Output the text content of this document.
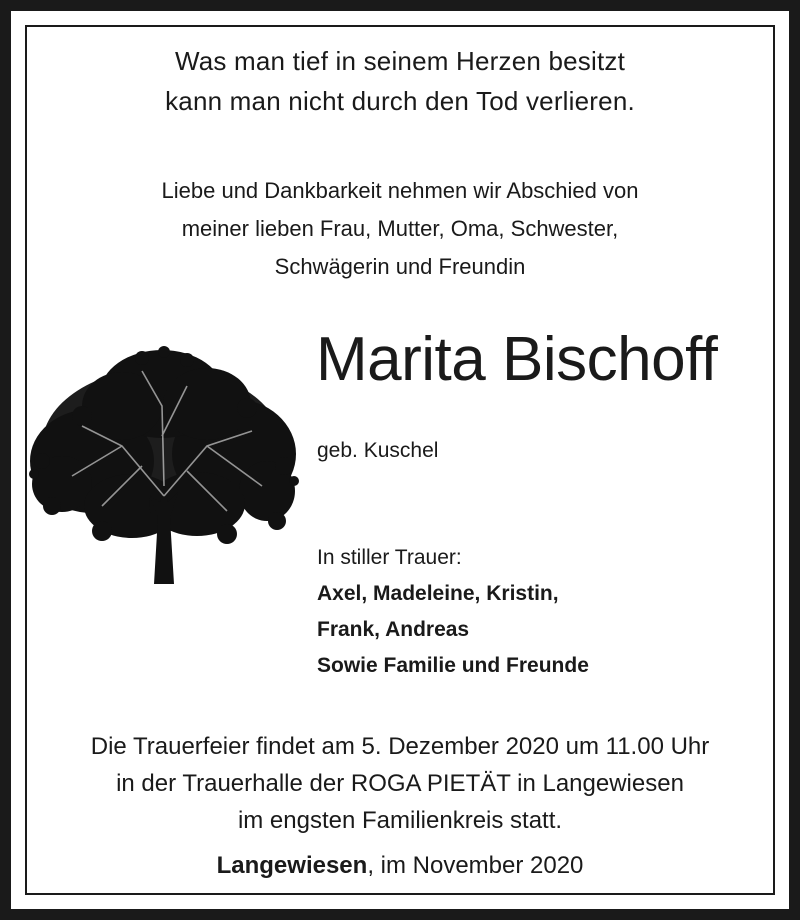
Was man tief in seinem Herzen besitzt
kann man nicht durch den Tod verlieren.
Liebe und Dankbarkeit nehmen wir Abschied von
meiner lieben Frau, Mutter, Oma, Schwester,
Schwägerin und Freundin
Marita Bischoff
geb. Kuschel
In stiller Trauer:
Axel, Madeleine, Kristin,
Frank, Andreas
Sowie Familie und Freunde
Die Trauerfeier findet am 5. Dezember 2020 um 11.00 Uhr
in der Trauerhalle der ROGA PIETÄT in Langewiesen
im engsten Familienkreis statt.
Langewiesen, im November 2020
